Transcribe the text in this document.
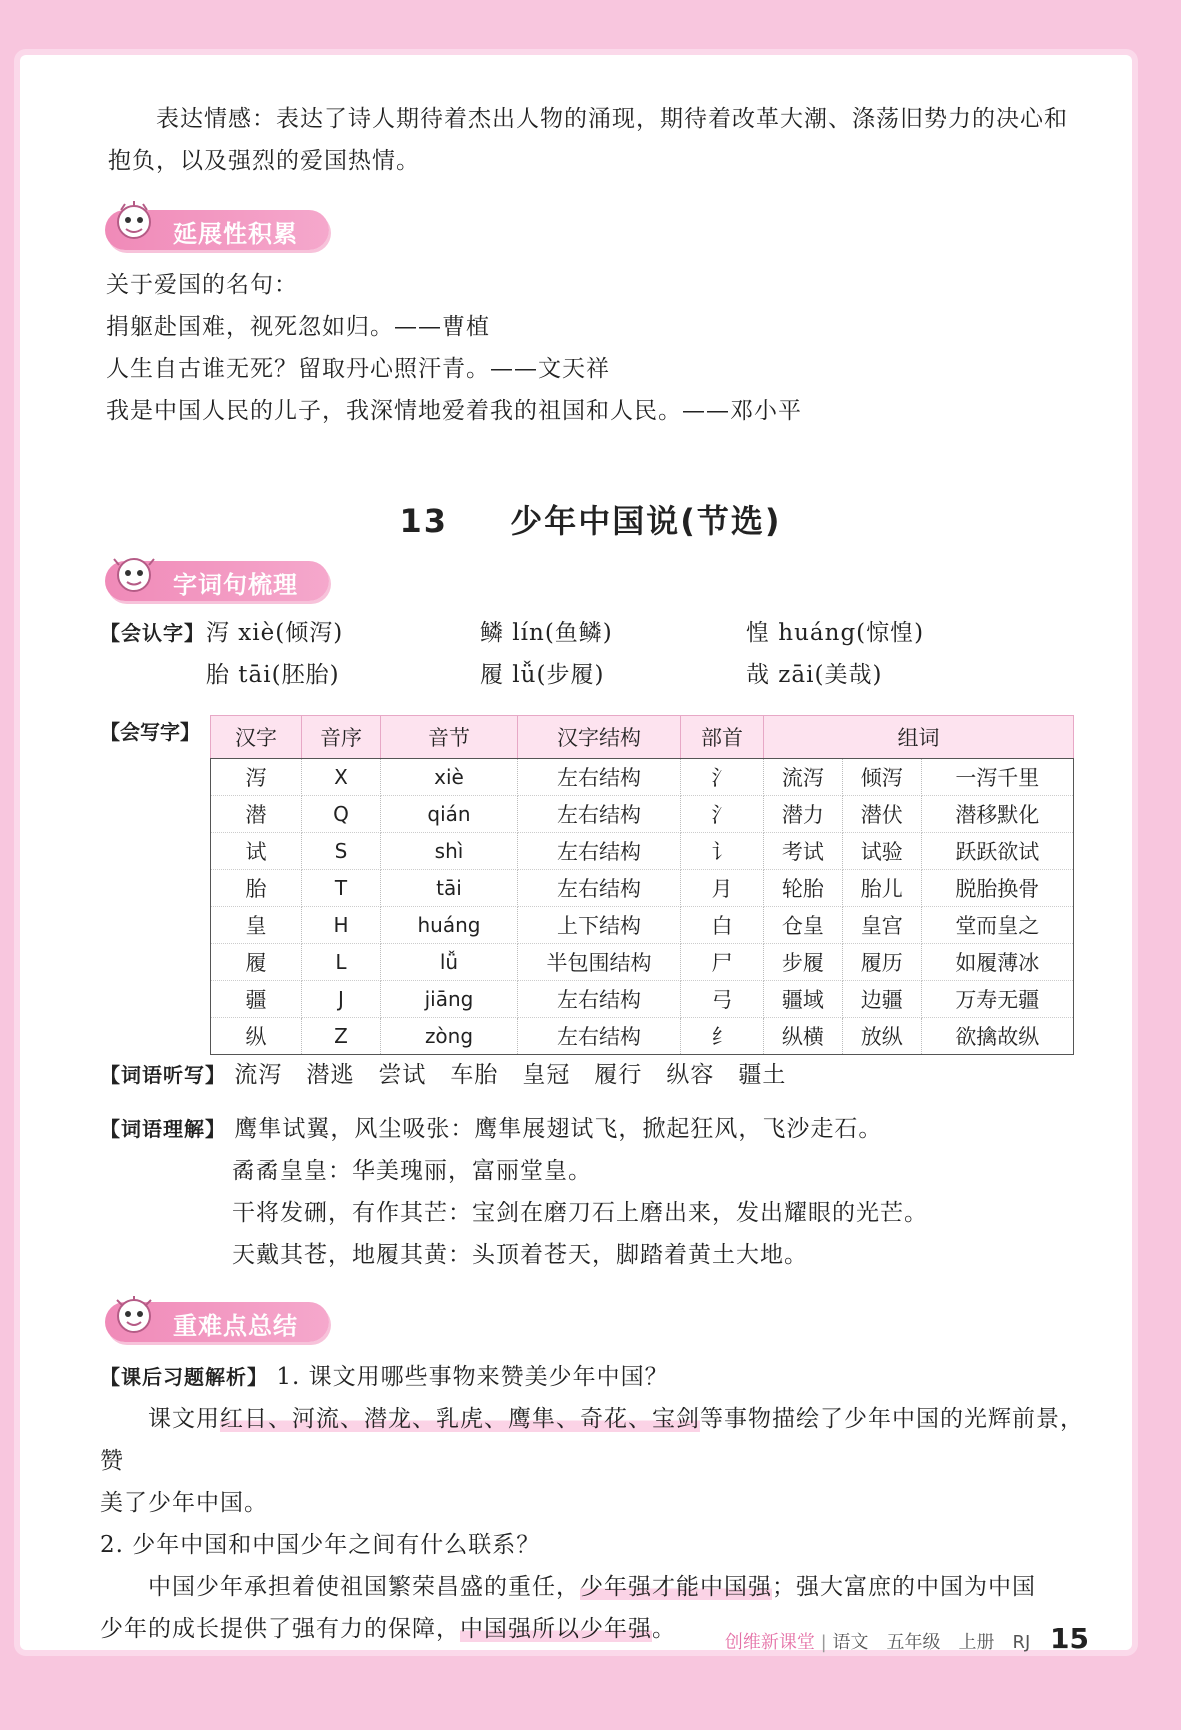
表达情感：表达了诗人期待着杰出人物的涌现，期待着改革大潮、涤荡旧势力的决心和
抱负，以及强烈的爱国热情。
延展性积累
关于爱国的名句：
捐躯赴国难，视死忽如归。——曹植
人生自古谁无死？留取丹心照汗青。——文天祥
我是中国人民的儿子，我深情地爱着我的祖国和人民。——邓小平
13 少年中国说(节选)
字词句梳理
【会认字】 泻 xiè(倾泻)	鳞 lín(鱼鳞)	惶 huáng(惊惶)
胎 tāi(胚胎)	履 lǚ(步履)	哉 zāi(美哉)
【会写字】 汉字	音序	音节	汉字结构	部首	组词		
泻	X	xiè	左右结构	氵	流泻	倾泻	一泻千里
潜	Q	qián	左右结构	氵	潜力	潜伏	潜移默化
试	S	shì	左右结构	讠	考试	试验	跃跃欲试
胎	T	tāi	左右结构	月	轮胎	胎儿	脱胎换骨
皇	H	huáng	上下结构	白	仓皇	皇宫	堂而皇之
履	L	lǚ	半包围结构	尸	步履	履历	如履薄冰
疆	J	jiāng	左右结构	弓	疆域	边疆	万寿无疆
纵	Z	zòng	左右结构	纟	纵横	放纵	欲擒故纵
【词语听写】 流泻　潜逃　尝试　车胎　皇冠　履行　纵容　疆土
【词语理解】 鹰隼试翼，风尘吸张：鹰隼展翅试飞，掀起狂风，飞沙走石。
矞矞皇皇：华美瑰丽，富丽堂皇。
干将发硎，有作其芒：宝剑在磨刀石上磨出来，发出耀眼的光芒。
天戴其苍，地履其黄：头顶着苍天，脚踏着黄土大地。
重难点总结
【课后习题解析】 1. 课文用哪些事物来赞美少年中国？
课文用红日、河流、潜龙、乳虎、鹰隼、奇花、宝剑等事物描绘了少年中国的光辉前景，赞
美了少年中国。
2. 少年中国和中国少年之间有什么联系？
中国少年承担着使祖国繁荣昌盛的重任，少年强才能中国强；强大富庶的中国为中国
少年的成长提供了强有力的保障，中国强所以少年强。
创维新课堂 | 语文　五年级　上册　RJ 15
